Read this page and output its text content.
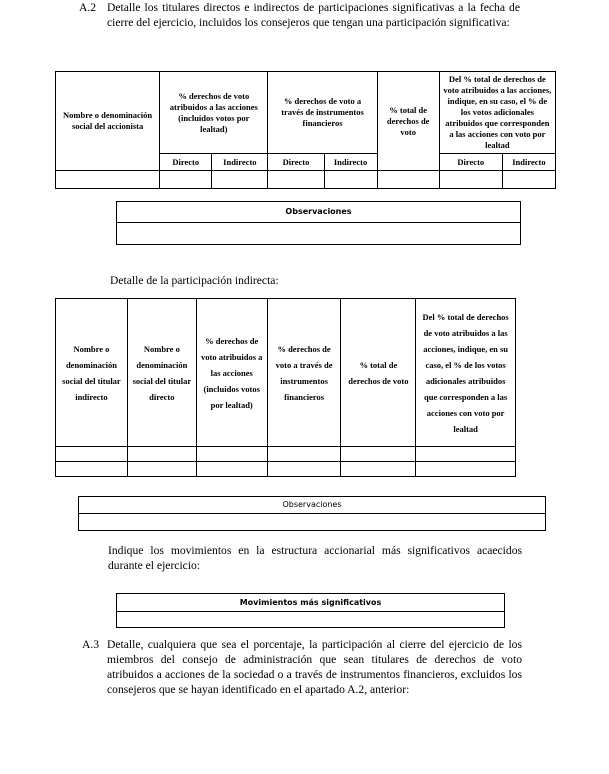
A.2 Detalle los titulares directos e indirectos de participaciones significativas a la fecha de cierre del ejercicio, incluidos los consejeros que tengan una participación significativa:
Nombre o denominación social del accionista	% derechos de voto atribuidos a las acciones (incluidos votos por lealtad)		% derechos de voto a través de instrumentos financieros		% total de derechos de voto	Del % total de derechos de voto atribuidos a las acciones, indique, en su caso, el % de los votos adicionales atribuidos que corresponden a las acciones con voto por lealtad	
	Directo	Indirecto	Directo	Indirecto		Directo	Indirecto

Observaciones
Detalle de la participación indirecta:
Nombre o denominación social del titular indirecto	Nombre o denominación social del titular directo	% derechos de voto atribuidos a las acciones (incluidos votos por lealtad)	% derechos de voto a través de instrumentos financieros	% total de derechos de voto	Del % total de derechos de voto atribuidos a las acciones, indique, en su caso, el % de los votos adicionales atribuidos que corresponden a las acciones con voto por lealtad

Observaciones
Indique los movimientos en la estructura accionarial más significativos acaecidos durante el ejercicio:
Movimientos más significativos
A.3 Detalle, cualquiera que sea el porcentaje, la participación al cierre del ejercicio de los miembros del consejo de administración que sean titulares de derechos de voto atribuidos a acciones de la sociedad o a través de instrumentos financieros, excluidos los consejeros que se hayan identificado en el apartado A.2, anterior:
